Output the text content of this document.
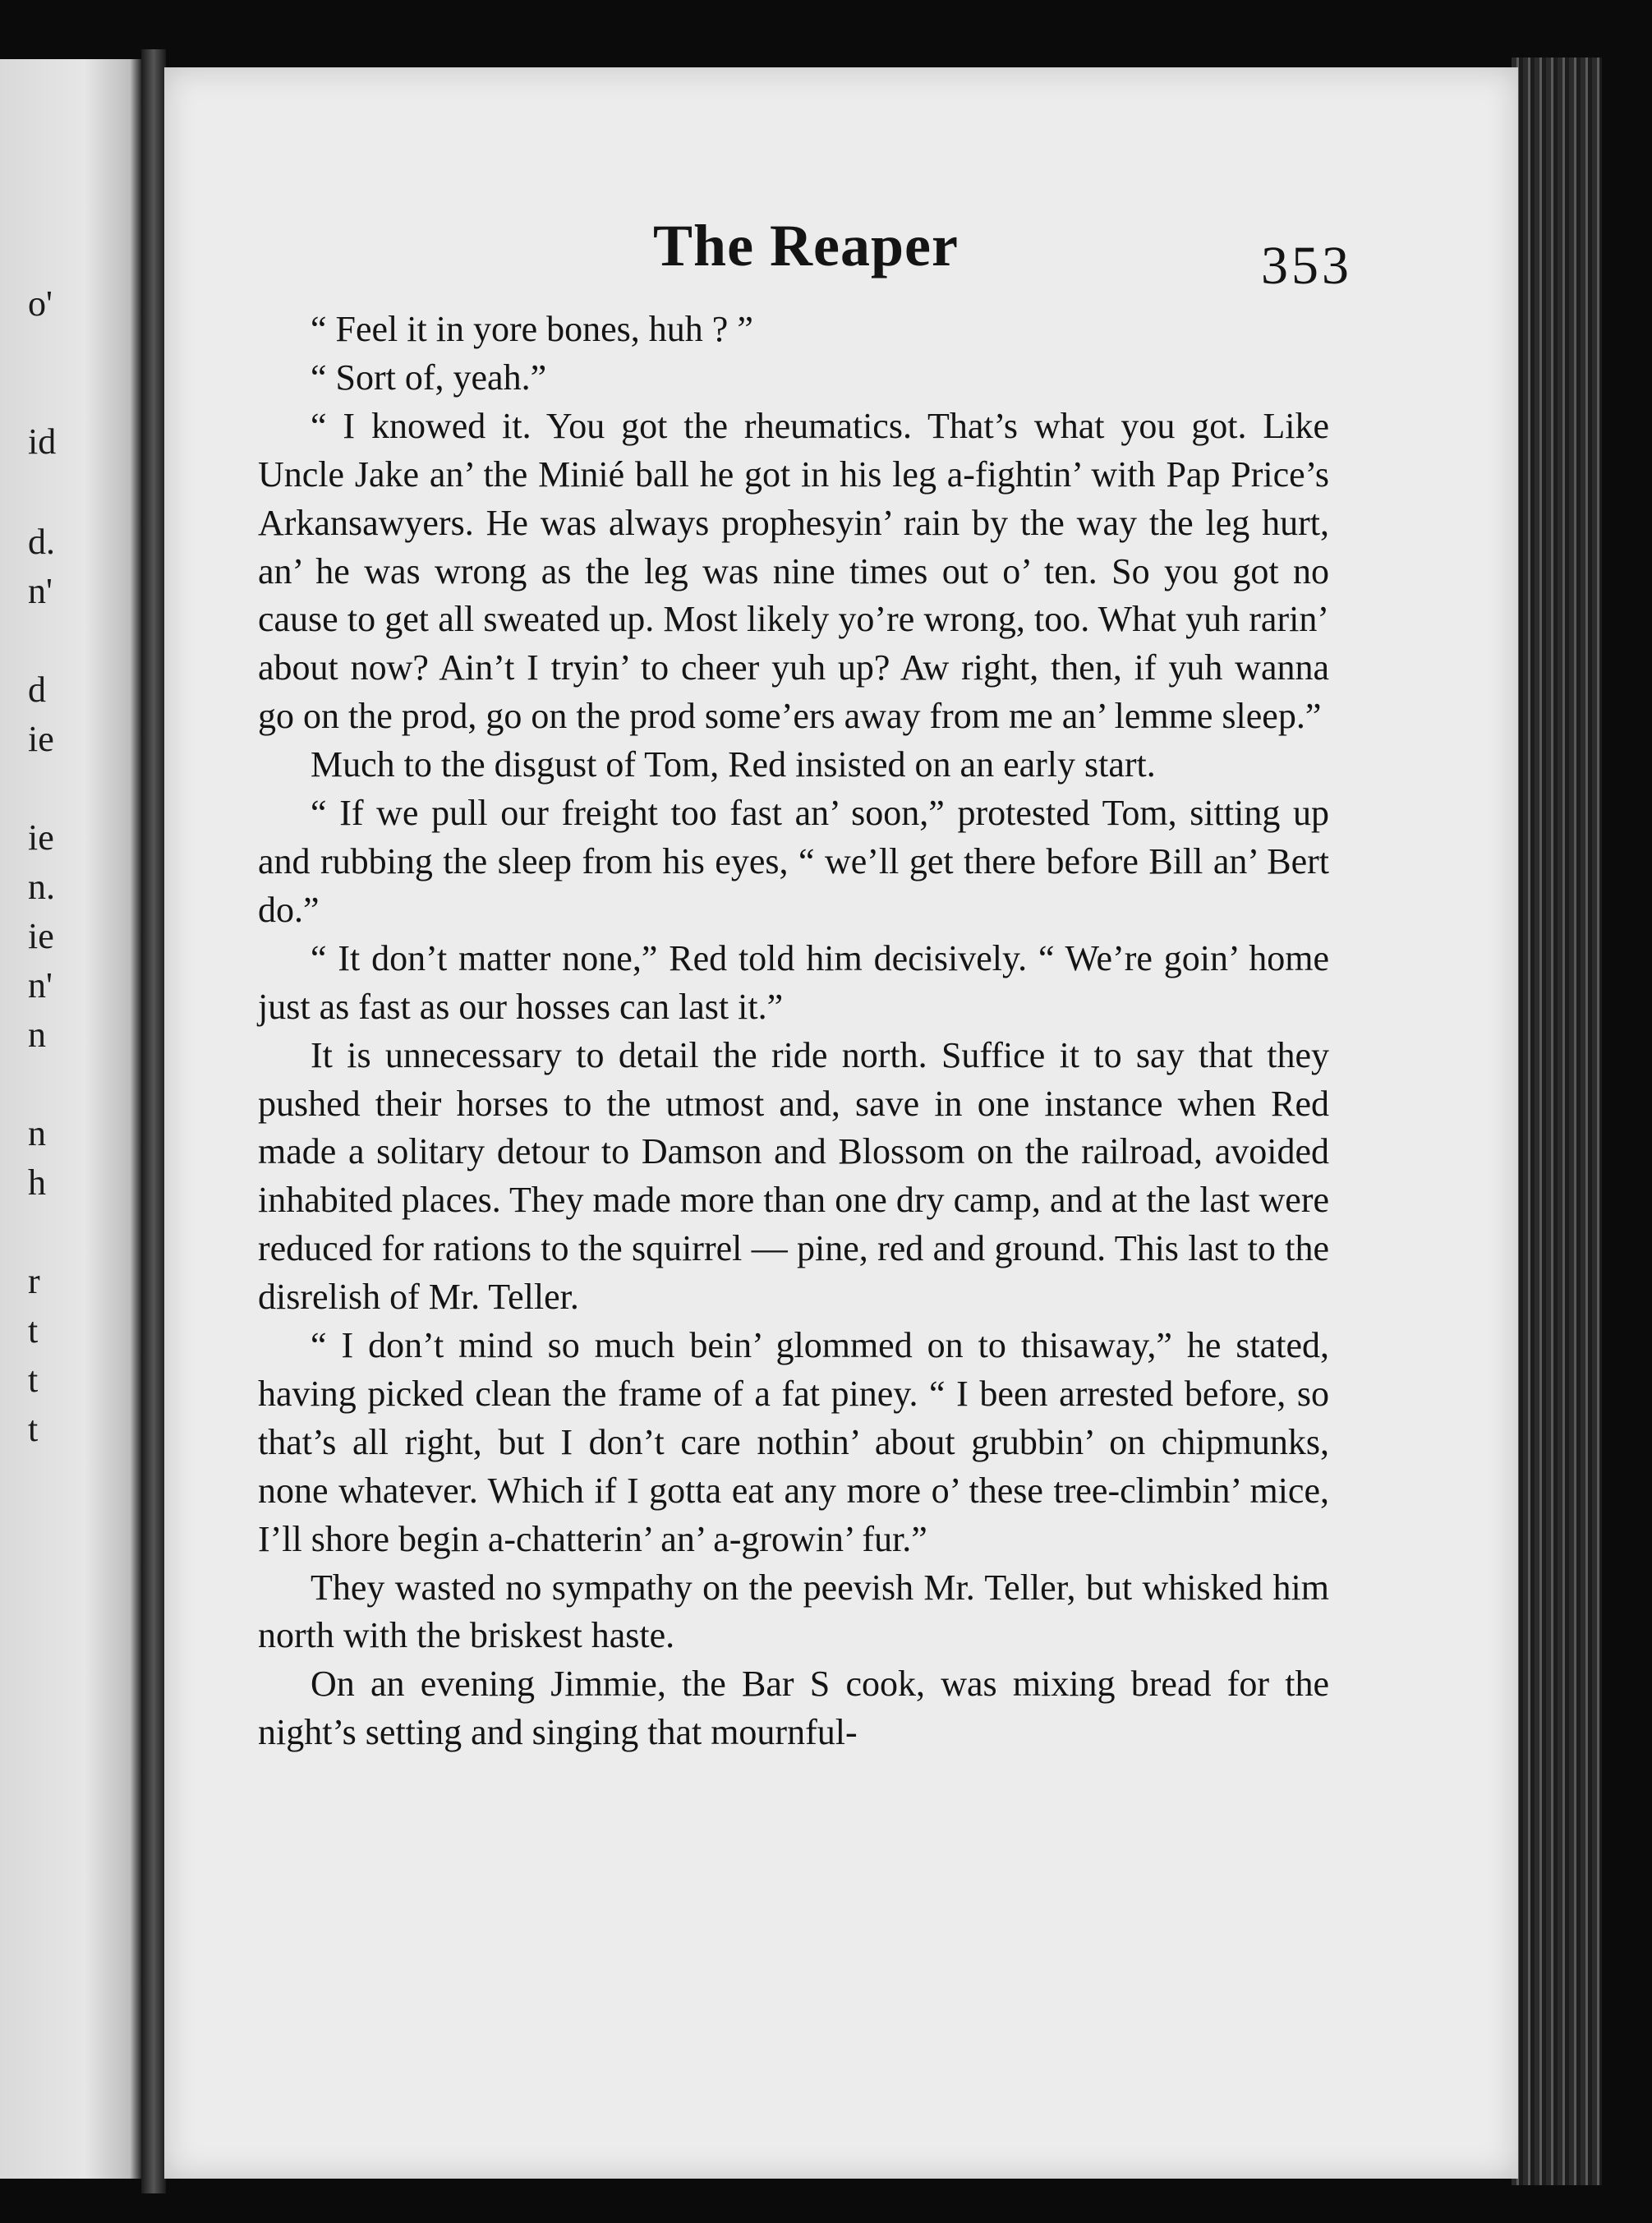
o'

id

d.

n'

d

ie

ie

n.

ie

n'

n

n

h

r

t

t

t

The Reaper	353

“ Feel it in yore bones, huh ? ”

“ Sort of, yeah.”

“ I knowed it. You got the rheumatics. That’s what you got. Like Uncle Jake an’ the Minié ball he got in his leg a-fightin’ with Pap Price’s Arkansawyers. He was always prophesyin’ rain by the way the leg hurt, an’ he was wrong as the leg was nine times out o’ ten. So you got no cause to get all sweated up. Most likely yo’re wrong, too. What yuh rarin’ about now? Ain’t I tryin’ to cheer yuh up? Aw right, then, if yuh wanna go on the prod, go on the prod some’ers away from me an’ lemme sleep.”

Much to the disgust of Tom, Red insisted on an early start.

“ If we pull our freight too fast an’ soon,” protested Tom, sitting up and rubbing the sleep from his eyes, “ we’ll get there before Bill an’ Bert do.”

“ It don’t matter none,” Red told him decisively. “ We’re goin’ home just as fast as our hosses can last it.”

It is unnecessary to detail the ride north. Suffice it to say that they pushed their horses to the utmost and, save in one instance when Red made a solitary detour to Damson and Blossom on the railroad, avoided inhabited places. They made more than one dry camp, and at the last were reduced for rations to the squirrel — pine, red and ground. This last to the disrelish of Mr. Teller.

“ I don’t mind so much bein’ glommed on to thisaway,” he stated, having picked clean the frame of a fat piney. “ I been arrested before, so that’s all right, but I don’t care nothin’ about grubbin’ on chipmunks, none whatever. Which if I gotta eat any more o’ these tree-climbin’ mice, I’ll shore begin a-chatterin’ an’ a-growin’ fur.”

They wasted no sympathy on the peevish Mr. Teller, but whisked him north with the briskest haste.

On an evening Jimmie, the Bar S cook, was mixing bread for the night’s setting and singing that mournful-
